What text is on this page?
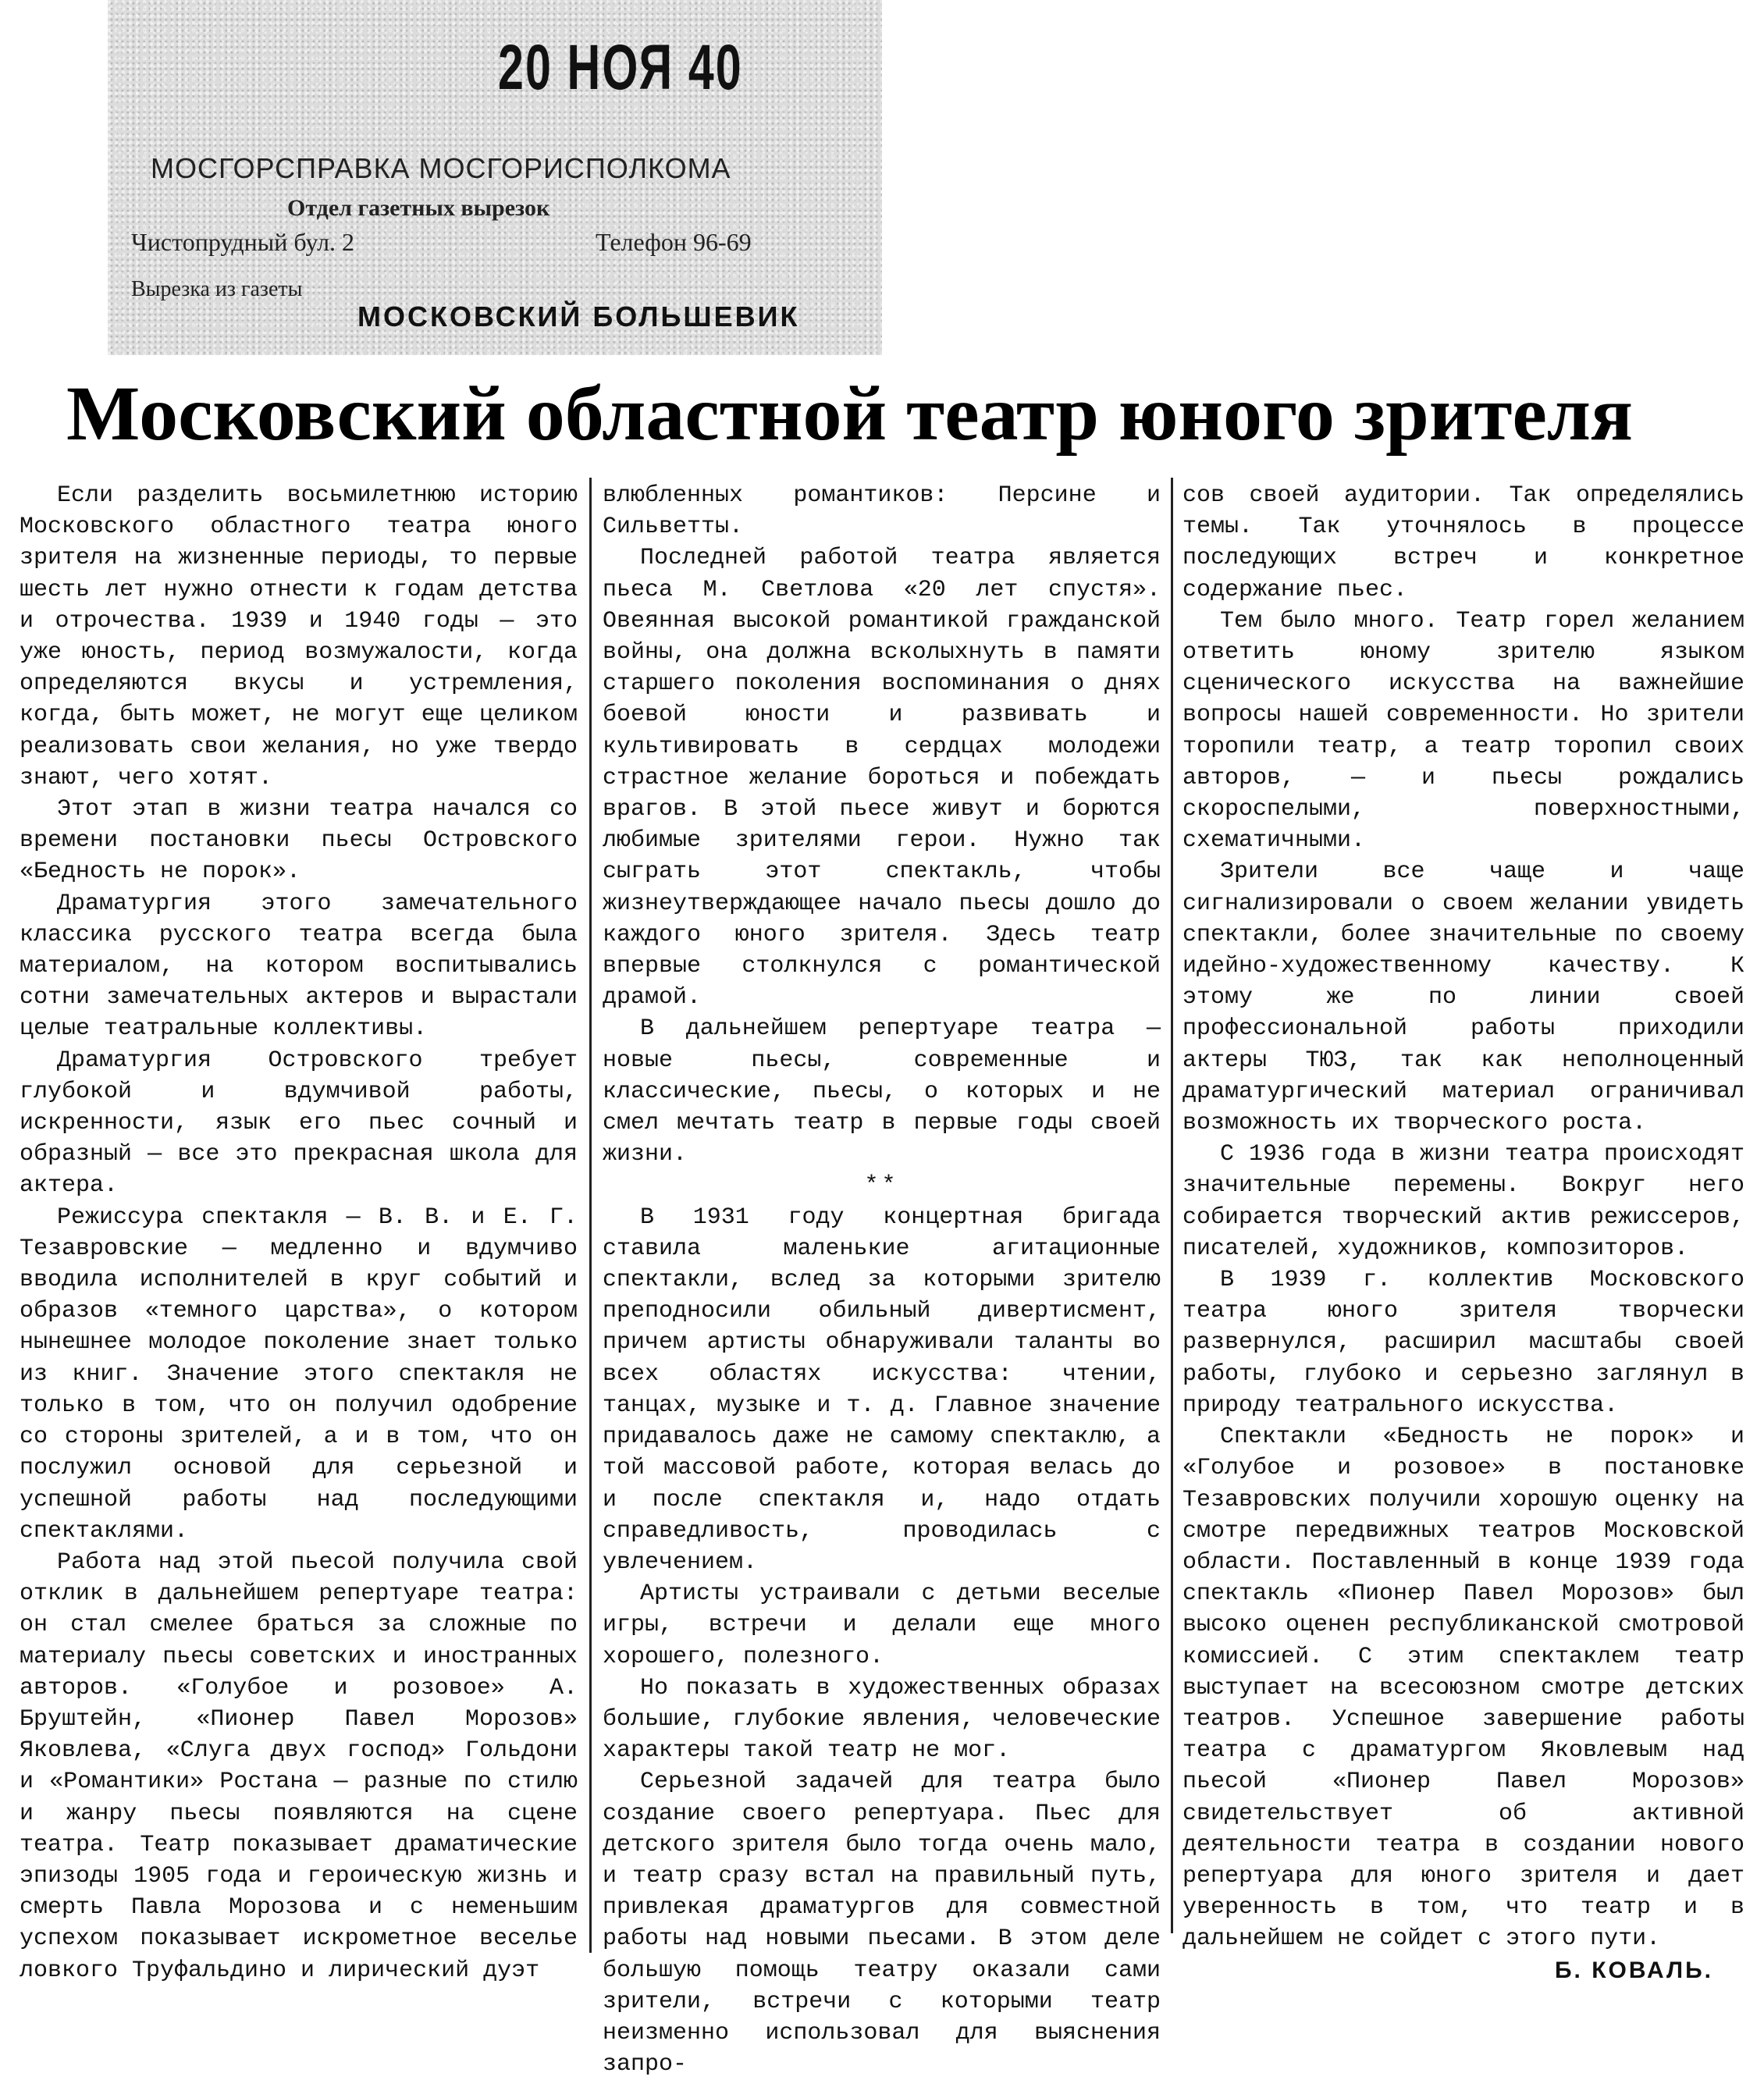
20 НОЯ 40
МОСГОРСПРАВКА МОСГОРИСПОЛКОМА
Отдел газетных вырезок
Чистопрудный бул. 2	Телефон 96-69
Вырезка из газеты
МОСКОВСКИЙ БОЛЬШЕВИК
Московский областной театр юного зрителя

Если разделить восьмилетнюю историю Московского областного театра юного зрителя на жизненные периоды, то первые шесть лет нужно отнести к годам детства и отрочества. 1939 и 1940 годы — это уже юность, период возмужалости, когда определяются вкусы и устремления, когда, быть может, не могут еще целиком реализовать свои желания, но уже твердо знают, чего хотят.

Этот этап в жизни театра начался со времени постановки пьесы Островского «Бедность не порок».

Драматургия этого замечательного классика русского театра всегда была материалом, на котором воспитывались сотни замечательных актеров и вырастали целые театральные коллективы.

Драматургия Островского требует глубокой и вдумчивой работы, искренности, язык его пьес сочный и образный — все это прекрасная школа для актера.

Режиссура спектакля — В. В. и Е. Г. Тезавровские — медленно и вдумчиво вводила исполнителей в круг событий и образов «темного царства», о котором нынешнее молодое поколение знает только из книг. Значение этого спектакля не только в том, что он получил одобрение со стороны зрителей, а и в том, что он послужил основой для серьезной и успешной работы над последующими спектаклями.

Работа над этой пьесой получила свой отклик в дальнейшем репертуаре театра: он стал смелее браться за сложные по материалу пьесы советских и иностранных авторов. «Голубое и розовое» А. Бруштейн, «Пионер Павел Морозов» Яковлева, «Слуга двух господ» Гольдони и «Романтики» Ростана — разные по стилю и жанру пьесы появляются на сцене театра. Театр показывает драматические эпизоды 1905 года и героическую жизнь и смерть Павла Морозова и с неменьшим успехом показывает искрометное веселье ловкого Труфальдино и лирический дуэт

влюбленных романтиков: Персине и Сильветты.

Последней работой театра является пьеса М. Светлова «20 лет спустя». Овеянная высокой романтикой гражданской войны, она должна всколыхнуть в памяти старшего поколения воспоминания о днях боевой юности и развивать и культивировать в сердцах молодежи страстное желание бороться и побеждать врагов. В этой пьесе живут и борются любимые зрителями герои. Нужно так сыграть этот спектакль, чтобы жизнеутверждающее начало пьесы дошло до каждого юного зрителя. Здесь театр впервые столкнулся с романтической драмой.

В дальнейшем репертуаре театра — новые пьесы, современные и классические, пьесы, о которых и не смел мечтать театр в первые годы своей жизни.

**

В 1931 году концертная бригада ставила маленькие агитационные спектакли, вслед за которыми зрителю преподносили обильный дивертисмент, причем артисты обнаруживали таланты во всех областях искусства: чтении, танцах, музыке и т. д. Главное значение придавалось даже не самому спектаклю, а той массовой работе, которая велась до и после спектакля и, надо отдать справедливость, проводилась с увлечением.

Артисты устраивали с детьми веселые игры, встречи и делали еще много хорошего, полезного.

Но показать в художественных образах большие, глубокие явления, человеческие характеры такой театр не мог.

Серьезной задачей для театра было создание своего репертуара. Пьес для детского зрителя было тогда очень мало, и театр сразу встал на правильный путь, привлекая драматургов для совместной работы над новыми пьесами. В этом деле большую помощь театру оказали сами зрители, встречи с которыми театр неизменно использовал для выяснения запро-

сов своей аудитории. Так определялись темы. Так уточнялось в процессе последующих встреч и конкретное содержание пьес.

Тем было много. Театр горел желанием ответить юному зрителю языком сценического искусства на важнейшие вопросы нашей современности. Но зрители торопили театр, а театр торопил своих авторов, — и пьесы рождались скороспелыми, поверхностными, схематичными.

Зрители все чаще и чаще сигнализировали о своем желании увидеть спектакли, более значительные по своему идейно-художественному качеству. К этому же по линии своей профессиональной работы приходили актеры ТЮЗ, так как неполноценный драматургический материал ограничивал возможность их творческого роста.

С 1936 года в жизни театра происходят значительные перемены. Вокруг него собирается творческий актив режиссеров, писателей, художников, композиторов.

В 1939 г. коллектив Московского театра юного зрителя творчески развернулся, расширил масштабы своей работы, глубоко и серьезно заглянул в природу театрального искусства.

Спектакли «Бедность не порок» и «Голубое и розовое» в постановке Тезавровских получили хорошую оценку на смотре передвижных театров Московской области. Поставленный в конце 1939 года спектакль «Пионер Павел Морозов» был высоко оценен республиканской смотровой комиссией. С этим спектаклем театр выступает на всесоюзном смотре детских театров. Успешное завершение работы театра с драматургом Яковлевым над пьесой «Пионер Павел Морозов» свидетельствует об активной деятельности театра в создании нового репертуара для юного зрителя и дает уверенность в том, что театр и в дальнейшем не сойдет с этого пути.

Б. КОВАЛЬ.
